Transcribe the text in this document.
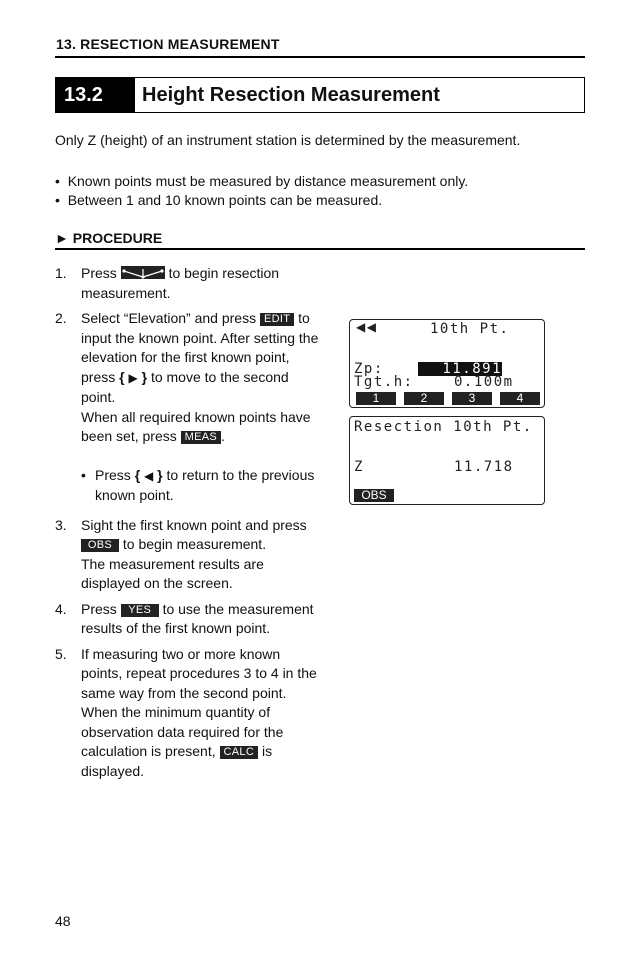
13. RESECTION MEASUREMENT
13.2	Height Resection Measurement
Only Z (height) of an instrument station is determined by the measurement.
•  Known points must be measured by distance measurement only.
•  Between 1 and 10 known points can be measured.
► PROCEDURE
1. Press	to begin resection measurement.
2. Select “Elevation” and press EDIT to input the known point. After setting the elevation for the first known point, press { ▶ } to move to the second point.
When all required known points have been set, press MEAS .
• Press { ◀ } to return to the previous known point.
3. Sight the first known point and press OBS to begin measurement.
The measurement results are displayed on the screen.
4. Press YES to use the measurement results of the first known point.
5. If measuring two or more known points, repeat procedures 3 to 4 in the same way from the second point.
When the minimum quantity of observation data required for the calculation is present, CALC is displayed.
◀◀	10th Pt.
Zp:	11.891
Tgt.h:	0.100m
1	2	3	4
Resection 10th Pt.
Z	11.718
OBS
48
